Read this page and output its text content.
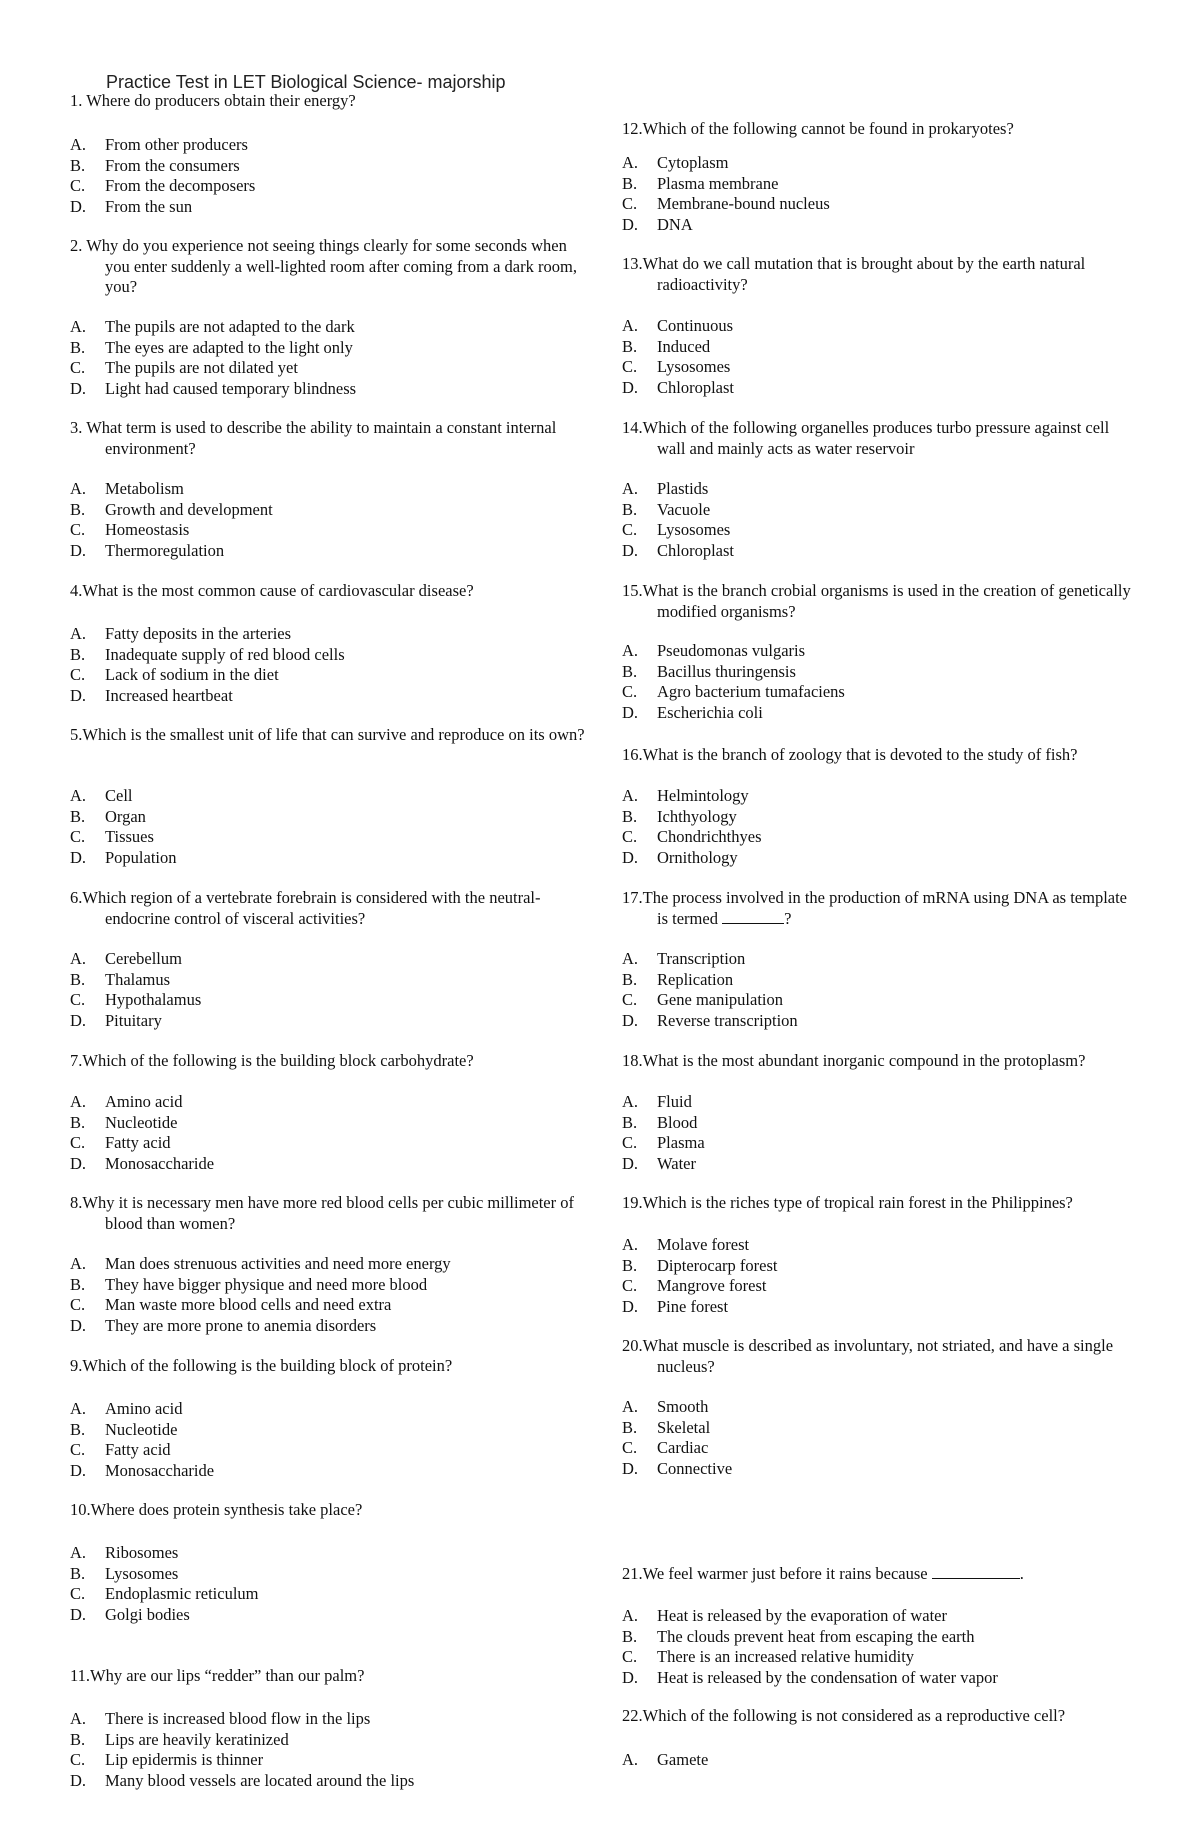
Practice Test in LET Biological Science- majorship
1. Where do producers obtain their energy?
A. From other producers
B. From the consumers
C. From the decomposers
D. From the sun
2. Why do you experience not seeing things clearly for some seconds when you enter suddenly a well-lighted room after coming from a dark room, you?
A. The pupils are not adapted to the dark
B. The eyes are adapted to the light only
C. The pupils are not dilated yet
D. Light had caused temporary blindness
3. What term is used to describe the ability to maintain a constant internal environment?
A. Metabolism
B. Growth and development
C. Homeostasis
D. Thermoregulation
4.What is the most common cause of cardiovascular disease?
A. Fatty deposits in the arteries
B. Inadequate supply of red blood cells
C. Lack of sodium in the diet
D. Increased heartbeat
5.Which is the smallest unit of life that can survive and reproduce on its own?
A. Cell
B. Organ
C. Tissues
D. Population
6.Which region of a vertebrate forebrain is considered with the neutral-endocrine control of visceral activities?
A. Cerebellum
B. Thalamus
C. Hypothalamus
D. Pituitary
7.Which of the following is the building block carbohydrate?
A. Amino acid
B. Nucleotide
C. Fatty acid
D. Monosaccharide
8.Why it is necessary men have more red blood cells per cubic millimeter of blood than women?
A. Man does strenuous activities and need more energy
B. They have bigger physique and need more blood
C. Man waste more blood cells and need extra
D. They are more prone to anemia disorders
9.Which of the following is the building block of protein?
A. Amino acid
B. Nucleotide
C. Fatty acid
D. Monosaccharide
10.Where does protein synthesis take place?
A. Ribosomes
B. Lysosomes
C. Endoplasmic reticulum
D. Golgi bodies
11.Why are our lips “redder” than our palm?
A. There is increased blood flow in the lips
B. Lips are heavily keratinized
C. Lip epidermis is thinner
D. Many blood vessels are located around the lips
12.Which of the following cannot be found in prokaryotes?
A. Cytoplasm
B. Plasma membrane
C. Membrane-bound nucleus
D. DNA
13.What do we call mutation that is brought about by the earth natural radioactivity?
A. Continuous
B. Induced
C. Lysosomes
D. Chloroplast
14.Which of the following organelles produces turbo pressure against cell wall and mainly acts as water reservoir
A. Plastids
B. Vacuole
C. Lysosomes
D. Chloroplast
15.What is the branch crobial organisms is used in the creation of genetically modified organisms?
A. Pseudomonas vulgaris
B. Bacillus thuringensis
C. Agro bacterium tumafaciens
D. Escherichia coli
16.What is the branch of zoology that is devoted to the study of fish?
A. Helmintology
B. Ichthyology
C. Chondrichthyes
D. Ornithology
17.The process involved in the production of mRNA using DNA as template is termed	?
A. Transcription
B. Replication
C. Gene manipulation
D. Reverse transcription
18.What is the most abundant inorganic compound in the protoplasm?
A. Fluid
B. Blood
C. Plasma
D. Water
19.Which is the riches type of tropical rain forest in the Philippines?
A. Molave forest
B. Dipterocarp forest
C. Mangrove forest
D. Pine forest
20.What muscle is described as involuntary, not striated, and have a single nucleus?
A. Smooth
B. Skeletal
C. Cardiac
D. Connective
21.We feel warmer just before it rains because	.
A. Heat is released by the evaporation of water
B. The clouds prevent heat from escaping the earth
C. There is an increased relative humidity
D. Heat is released by the condensation of water vapor
22.Which of the following is not considered as a reproductive cell?
A. Gamete
